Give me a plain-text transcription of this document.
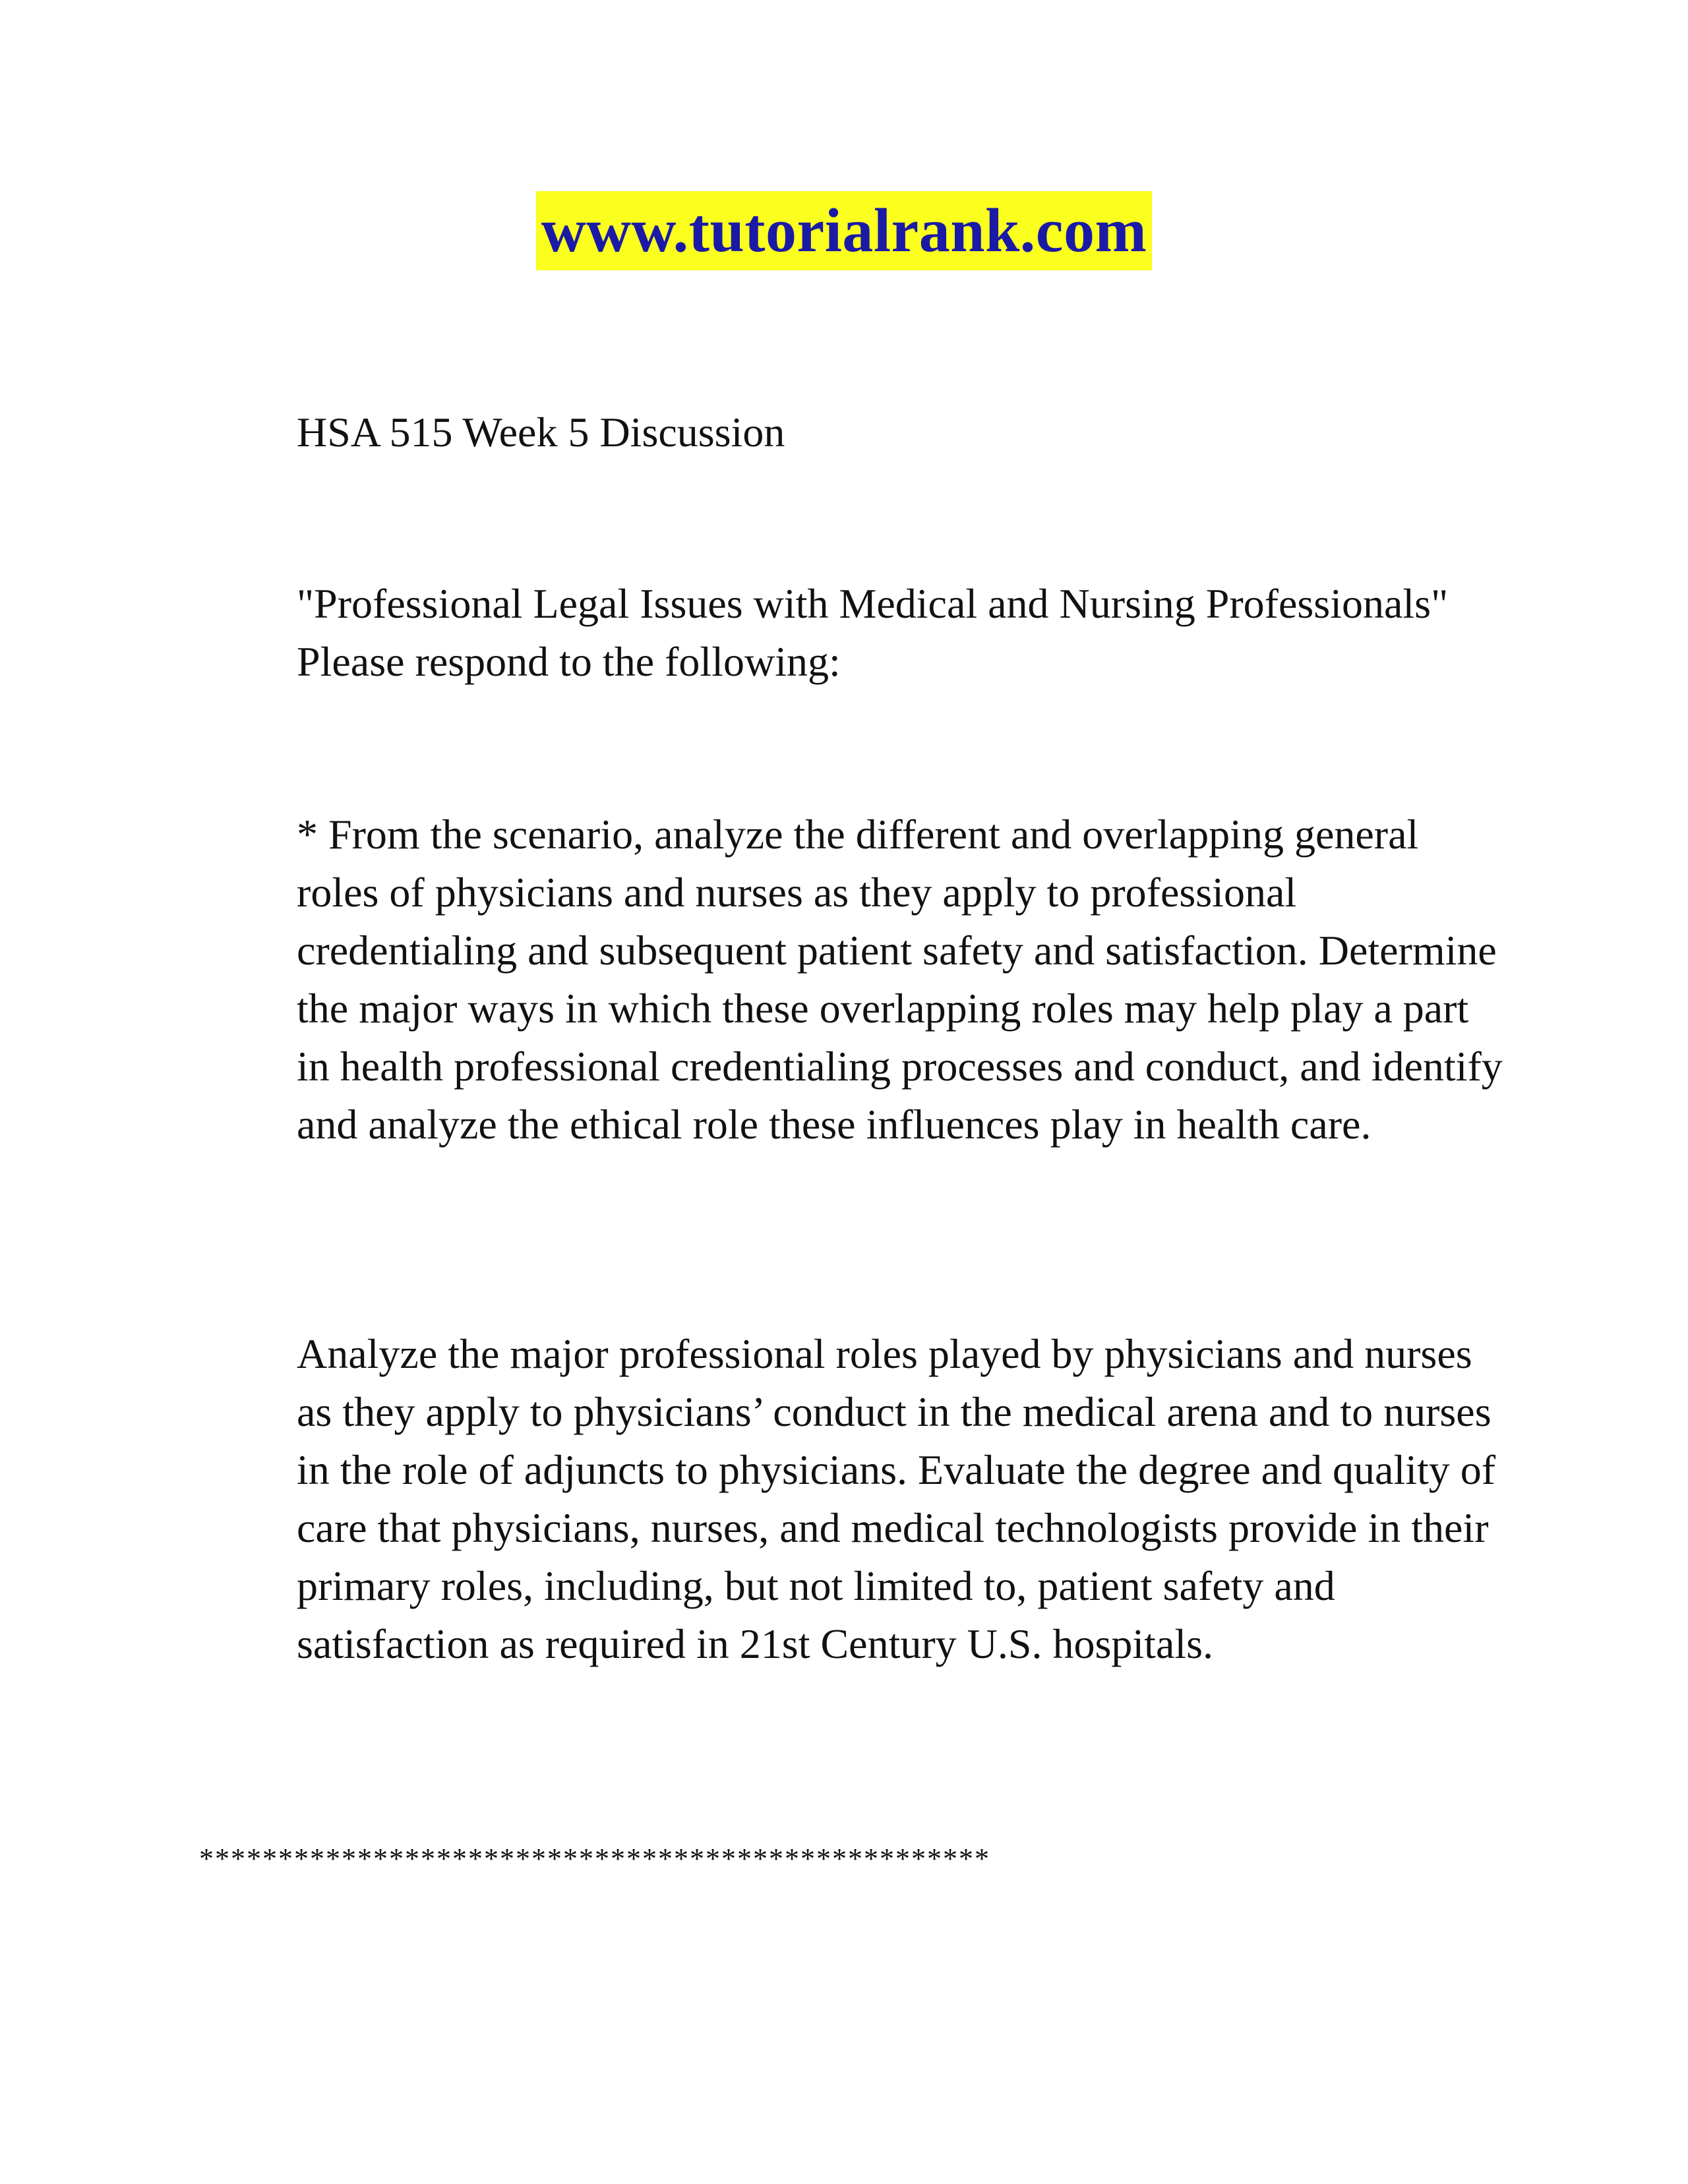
www.tutorialrank.com

HSA 515 Week 5 Discussion

"Professional Legal Issues with Medical and Nursing Professionals"  Please respond to the following:

* From the scenario, analyze the different and overlapping general roles of physicians and nurses as they apply to professional credentialing and subsequent patient safety and satisfaction. Determine the major ways in which these overlapping roles may help play a part in health professional credentialing processes and conduct, and identify and analyze the ethical role these influences play in health care.

Analyze the major professional roles played by physicians and nurses as they apply to physicians’ conduct in the medical arena and to nurses in the role of adjuncts to physicians. Evaluate the degree and quality of care that physicians, nurses, and medical technologists provide in their primary roles, including, but not limited to, patient safety and satisfaction as required in 21st Century U.S. hospitals.

**************************************************
